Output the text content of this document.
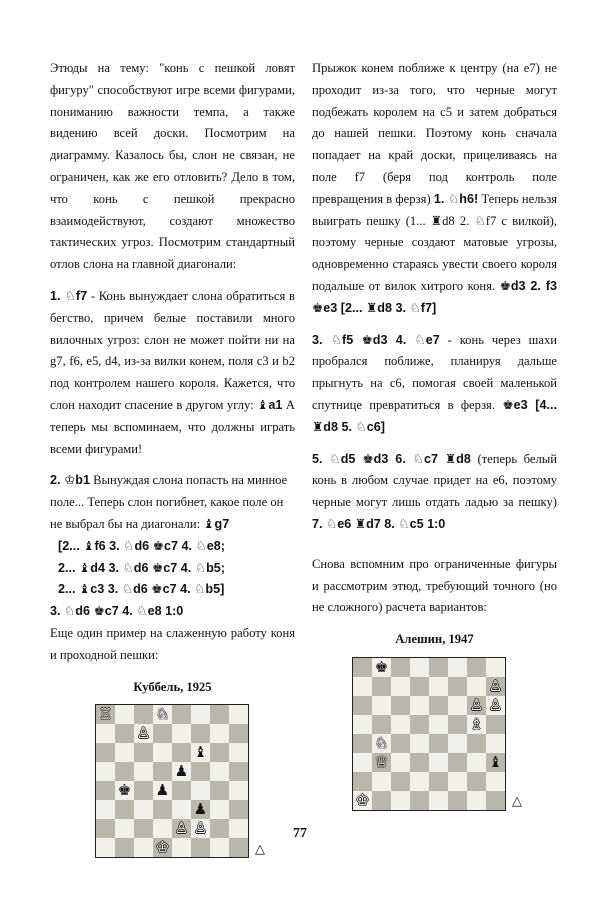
Этюды на тему: "конь с пешкой ловят фигуру" способствуют игре всеми фигурами, пониманию важности темпа, а также видению всей доски. Посмотрим на диаграмму. Казалось бы, слон не связан, не ограничен, как же его отловить? Дело в том, что конь с пешкой прекрасно взаимодействуют, создают множество тактических угроз. Посмотрим стандартный отлов слона на главной диагонали:

1. ♘f7 - Конь вынуждает слона обратиться в бегство, причем белые поставили много вилочных угроз: слон не может пойти ни на g7, f6, e5, d4, из-за вилки конем, поля c3 и b2 под контролем нашего короля. Кажется, что слон находит спасение в другом углу: ♝a1 А теперь мы вспоминаем, что должны играть всеми фигурами!

2. ♔b1 Вынуждая слона попасть на минное поле... Теперь слон погибнет, какое поле он не выбрал бы на диагонали: ♝g7

[2... ♝f6 3. ♘d6 ♚c7 4. ♘e8;

2... ♝d4 3. ♘d6 ♚c7 4. ♘b5;

2... ♝c3 3. ♘d6 ♚c7 4. ♘b5]

3. ♘d6 ♚c7 4. ♘e8 1:0

Еще один пример на слаженную работу коня и проходной пешки:

Куббель, 1925
♖	♘
♙
♝
♟
♚ ♟
♟
♙ ♙
♔	△

Прыжок конем поближе к центру (на e7) не проходит из-за того, что черные могут подбежать королем на c5 и затем добраться до нашей пешки. Поэтому конь сначала попадает на край доски, прицеливаясь на поле f7 (беря под контроль поле превращения в ферзя) 1. ♘h6! Теперь нельзя выиграть пешку (1... ♜d8 2. ♘f7 с вилкой), поэтому черные создают матовые угрозы, одновременно стараясь увести своего короля подальше от вилок хитрого коня. ♚d3 2. f3 ♚e3 [2... ♜d8 3. ♘f7]

3. ♘f5 ♚d3 4. ♘e7 - конь через шахи пробрался поближе, планируя дальше прыгнуть на c6, помогая своей маленькой спутнице превратиться в ферзя. ♚e3 [4... ♜d8 5. ♘c6]

5. ♘d5 ♚d3 6. ♘c7 ♜d8 (теперь белый конь в любом случае придет на e6, поэтому черные могут лишь отдать ладью за пешку) 7. ♘e6 ♜d7 8. ♘c5 1:0

Снова вспомним про ограниченные фигуры и рассмотрим этюд, требующий точного (но не сложного) расчета вариантов:

Алешин, 1947
♚
♙
♙ ♙
♗
♘
♕	♝
♔	△
77
